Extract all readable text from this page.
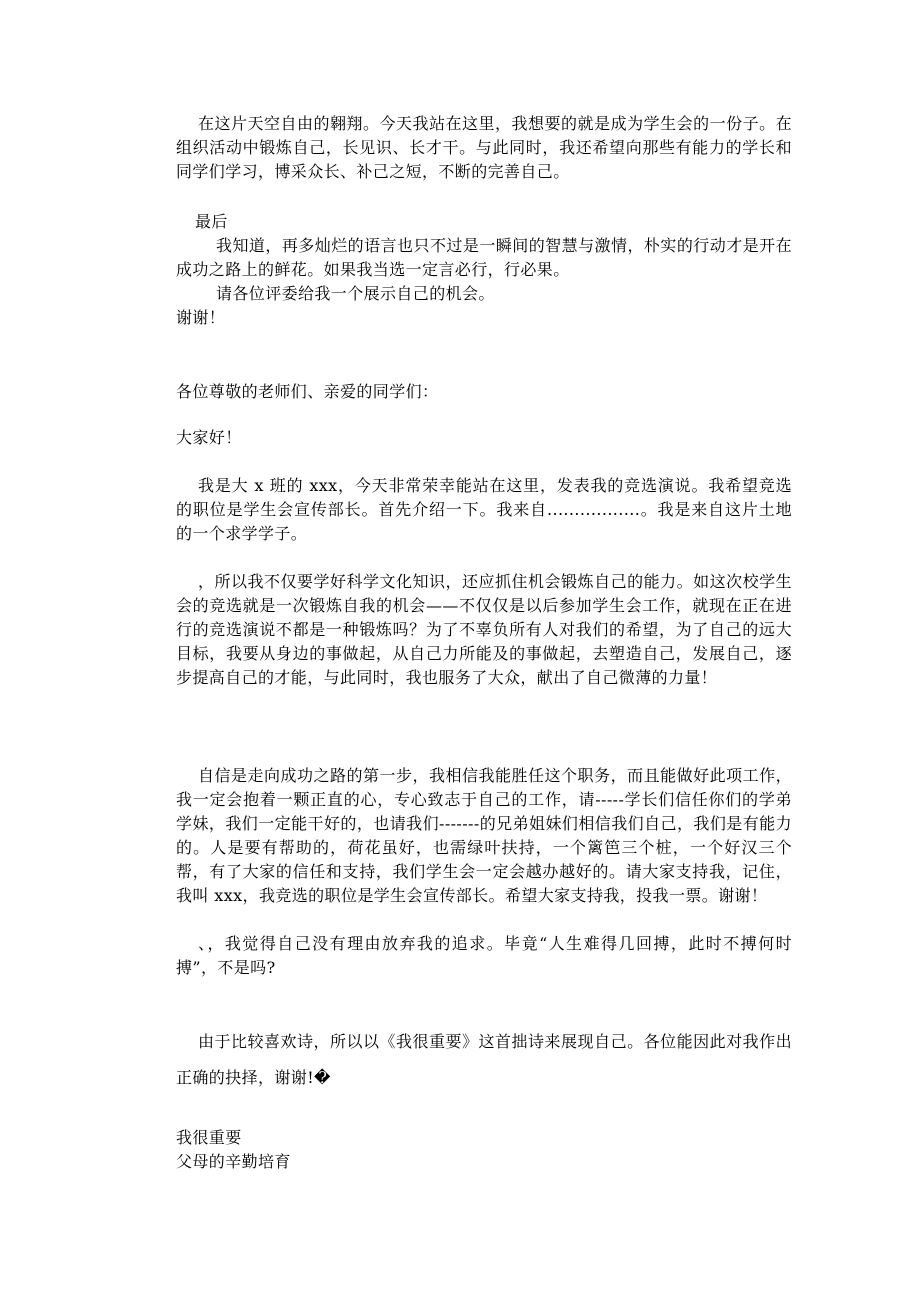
在这片天空自由的翱翔。今天我站在这里，我想要的就是成为学生会的一份子。在组织活动中锻炼自己，长见识、长才干。与此同时，我还希望向那些有能力的学长和同学们学习，博采众长、补己之短，不断的完善自己。

最后

我知道，再多灿烂的语言也只不过是一瞬间的智慧与激情，朴实的行动才是开在成功之路上的鲜花。如果我当选一定言必行，行必果。

请各位评委给我一个展示自己的机会。

谢谢！

各位尊敬的老师们、亲爱的同学们：

大家好！

我是大 x 班的 xxx，今天非常荣幸能站在这里，发表我的竞选演说。我希望竞选的职位是学生会宣传部长。首先介绍一下。我来自.................。我是来自这片土地的一个求学学子。

，所以我不仅要学好科学文化知识，还应抓住机会锻炼自己的能力。如这次校学生会的竞选就是一次锻炼自我的机会——不仅仅是以后参加学生会工作，就现在正在进行的竞选演说不都是一种锻炼吗？为了不辜负所有人对我们的希望，为了自己的远大目标，我要从身边的事做起，从自己力所能及的事做起，去塑造自己，发展自己，逐步提高自己的才能，与此同时，我也服务了大众，献出了自己微薄的力量！

自信是走向成功之路的第一步，我相信我能胜任这个职务，而且能做好此项工作，我一定会抱着一颗正直的心，专心致志于自己的工作，请-----学长们信任你们的学弟学妹，我们一定能干好的，也请我们-------的兄弟姐妹们相信我们自己，我们是有能力的。人是要有帮助的，荷花虽好，也需绿叶扶持，一个篱笆三个桩，一个好汉三个帮，有了大家的信任和支持，我们学生会一定会越办越好的。请大家支持我，记住，我叫 xxx，我竞选的职位是学生会宣传部长。希望大家支持我，投我一票。谢谢！

、，我觉得自己没有理由放弃我的追求。毕竟“人生难得几回搏，此时不搏何时搏”，不是吗?

由于比较喜欢诗，所以以《我很重要》这首拙诗来展现自己。各位能因此对我作出正确的抉择，谢谢!�

我很重要

父母的辛勤培育
